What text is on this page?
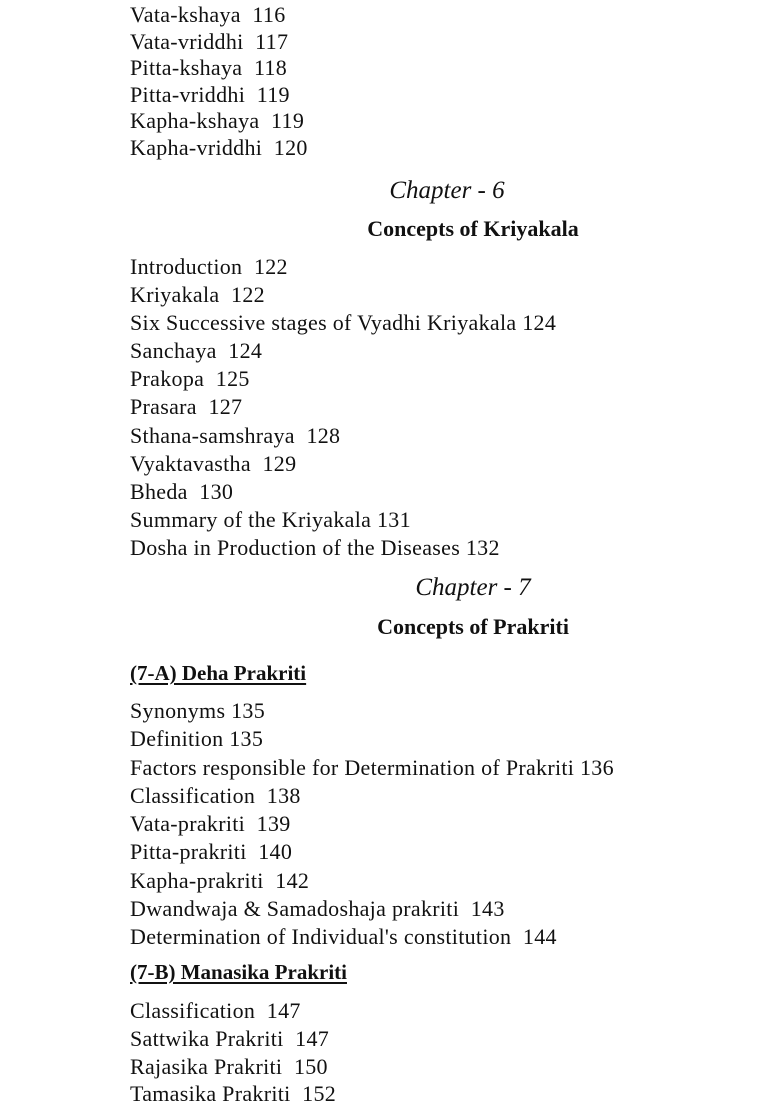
Vata-kshaya  116
Vata-vriddhi  117
Pitta-kshaya  118
Pitta-vriddhi  119
Kapha-kshaya  119
Kapha-vriddhi  120
Chapter - 6
Concepts of Kriyakala
Introduction  122
Kriyakala  122
Six Successive stages of Vyadhi Kriyakala 124
Sanchaya  124
Prakopa  125
Prasara  127
Sthana-samshraya  128
Vyaktavastha  129
Bheda  130
Summary of the Kriyakala 131
Dosha in Production of the Diseases 132
Chapter - 7
Concepts of Prakriti
(7-A) Deha Prakriti
Synonyms 135
Definition 135
Factors responsible for Determination of Prakriti 136
Classification  138
Vata-prakriti  139
Pitta-prakriti  140
Kapha-prakriti  142
Dwandwaja & Samadoshaja prakriti  143
Determination of Individual's constitution  144
(7-B) Manasika Prakriti
Classification  147
Sattwika Prakriti  147
Rajasika Prakriti  150
Tamasika Prakriti  152
